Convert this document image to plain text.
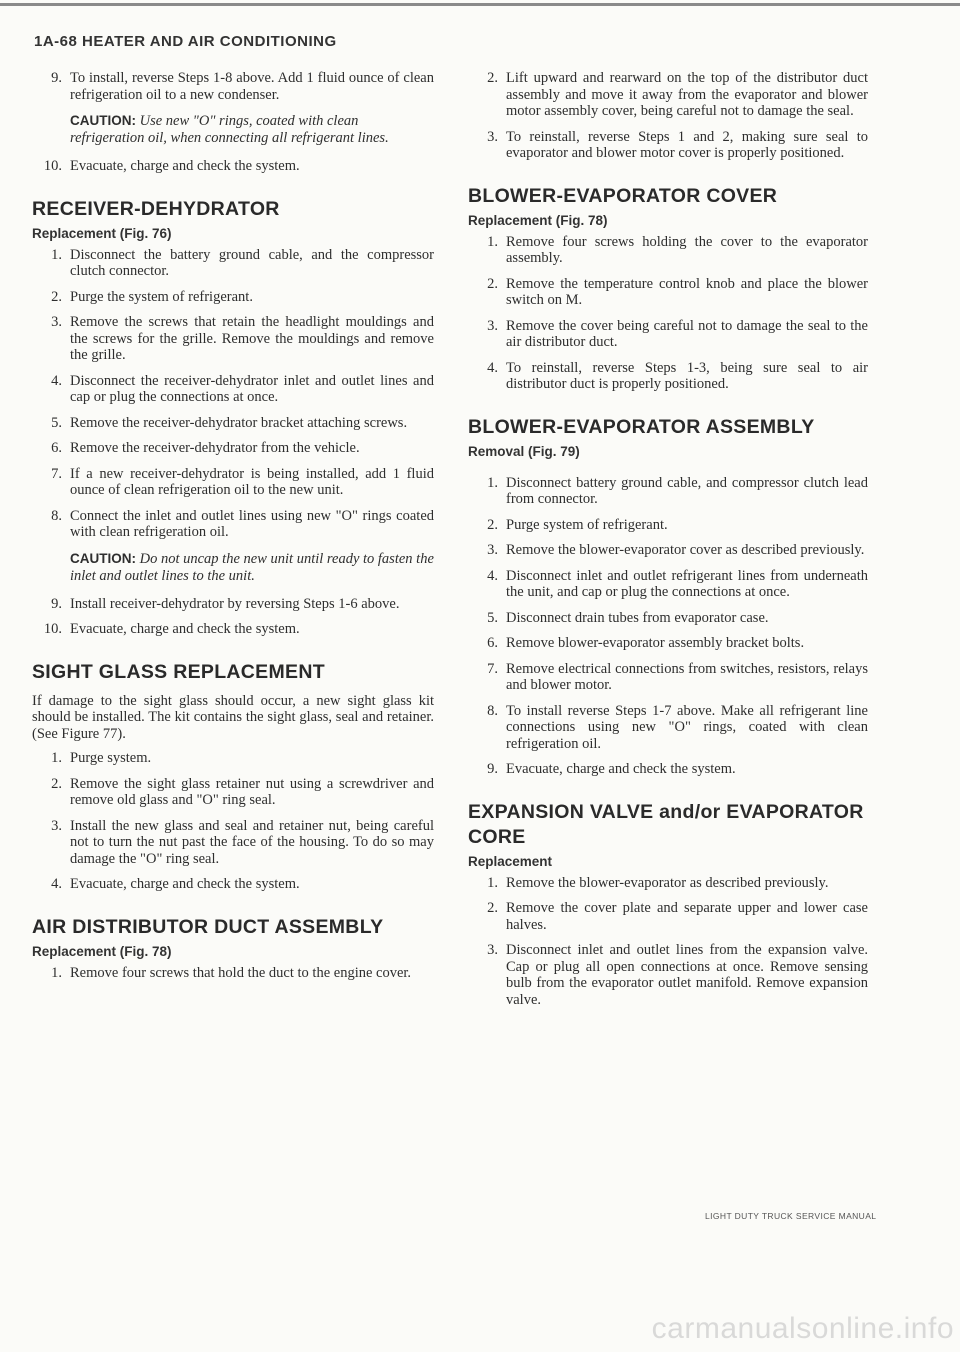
1A-68 HEATER AND AIR CONDITIONING
9 . To install, reverse Steps 1-8 above. Add 1 fluid ounce of clean refrigeration oil to a new condenser.
CAUTION: Use new "O" rings, coated with clean refrigeration oil, when connecting all refrigerant lines.
10 . Evacuate, charge and check the system.
RECEIVER-DEHYDRATOR
Replacement (Fig. 76)
1 . Disconnect the battery ground cable, and the compressor clutch connector.
2 . Purge the system of refrigerant.
3 . Remove the screws that retain the headlight mouldings and the screws for the grille. Remove the mouldings and remove the grille.
4 . Disconnect the receiver-dehydrator inlet and outlet lines and cap or plug the connections at once.
5 . Remove the receiver-dehydrator bracket attaching screws.
6 . Remove the receiver-dehydrator from the vehicle.
7 . If a new receiver-dehydrator is being installed, add 1 fluid ounce of clean refrigeration oil to the new unit.
8 . Connect the inlet and outlet lines using new "O" rings coated with clean refrigeration oil.
CAUTION: Do not uncap the new unit until ready to fasten the inlet and outlet lines to the unit.
9 . Install receiver-dehydrator by reversing Steps 1-6 above.
10 . Evacuate, charge and check the system.
SIGHT GLASS REPLACEMENT
If damage to the sight glass should occur, a new sight glass kit should be installed. The kit contains the sight glass, seal and retainer. (See Figure 77).
1 . Purge system.
2 . Remove the sight glass retainer nut using a screwdriver and remove old glass and "O" ring seal.
3 . Install the new glass and seal and retainer nut, being careful not to turn the nut past the face of the housing. To do so may damage the "O" ring seal.
4 . Evacuate, charge and check the system.
AIR DISTRIBUTOR DUCT ASSEMBLY
Replacement (Fig. 78)
1 . Remove four screws that hold the duct to the engine cover.
2 . Lift upward and rearward on the top of the distributor duct assembly and move it away from the evaporator and blower motor assembly cover, being careful not to damage the seal.
3 . To reinstall, reverse Steps 1 and 2, making sure seal to evaporator and blower motor cover is properly positioned.
BLOWER-EVAPORATOR COVER
Replacement (Fig. 78)
1 . Remove four screws holding the cover to the evaporator assembly.
2 . Remove the temperature control knob and place the blower switch on M.
3 . Remove the cover being careful not to damage the seal to the air distributor duct.
4 . To reinstall, reverse Steps 1-3, being sure seal to air distributor duct is properly positioned.
BLOWER-EVAPORATOR ASSEMBLY
Removal (Fig. 79)
1 . Disconnect battery ground cable, and compressor clutch lead from connector.
2 . Purge system of refrigerant.
3 . Remove the blower-evaporator cover as described previously.
4 . Disconnect inlet and outlet refrigerant lines from underneath the unit, and cap or plug the connections at once.
5 . Disconnect drain tubes from evaporator case.
6 . Remove blower-evaporator assembly bracket bolts.
7 . Remove electrical connections from switches, resistors, relays and blower motor.
8 . To install reverse Steps 1-7 above. Make all refrigerant line connections using new "O" rings, coated with clean refrigeration oil.
9 . Evacuate, charge and check the system.
EXPANSION VALVE and/or EVAPORATOR CORE
Replacement
1 . Remove the blower-evaporator as described previously.
2 . Remove the cover plate and separate upper and lower case halves.
3 . Disconnect inlet and outlet lines from the expansion valve. Cap or plug all open connections at once. Remove sensing bulb from the evaporator outlet manifold. Remove expansion valve.
LIGHT DUTY TRUCK SERVICE MANUAL
carmanualsonline.info
